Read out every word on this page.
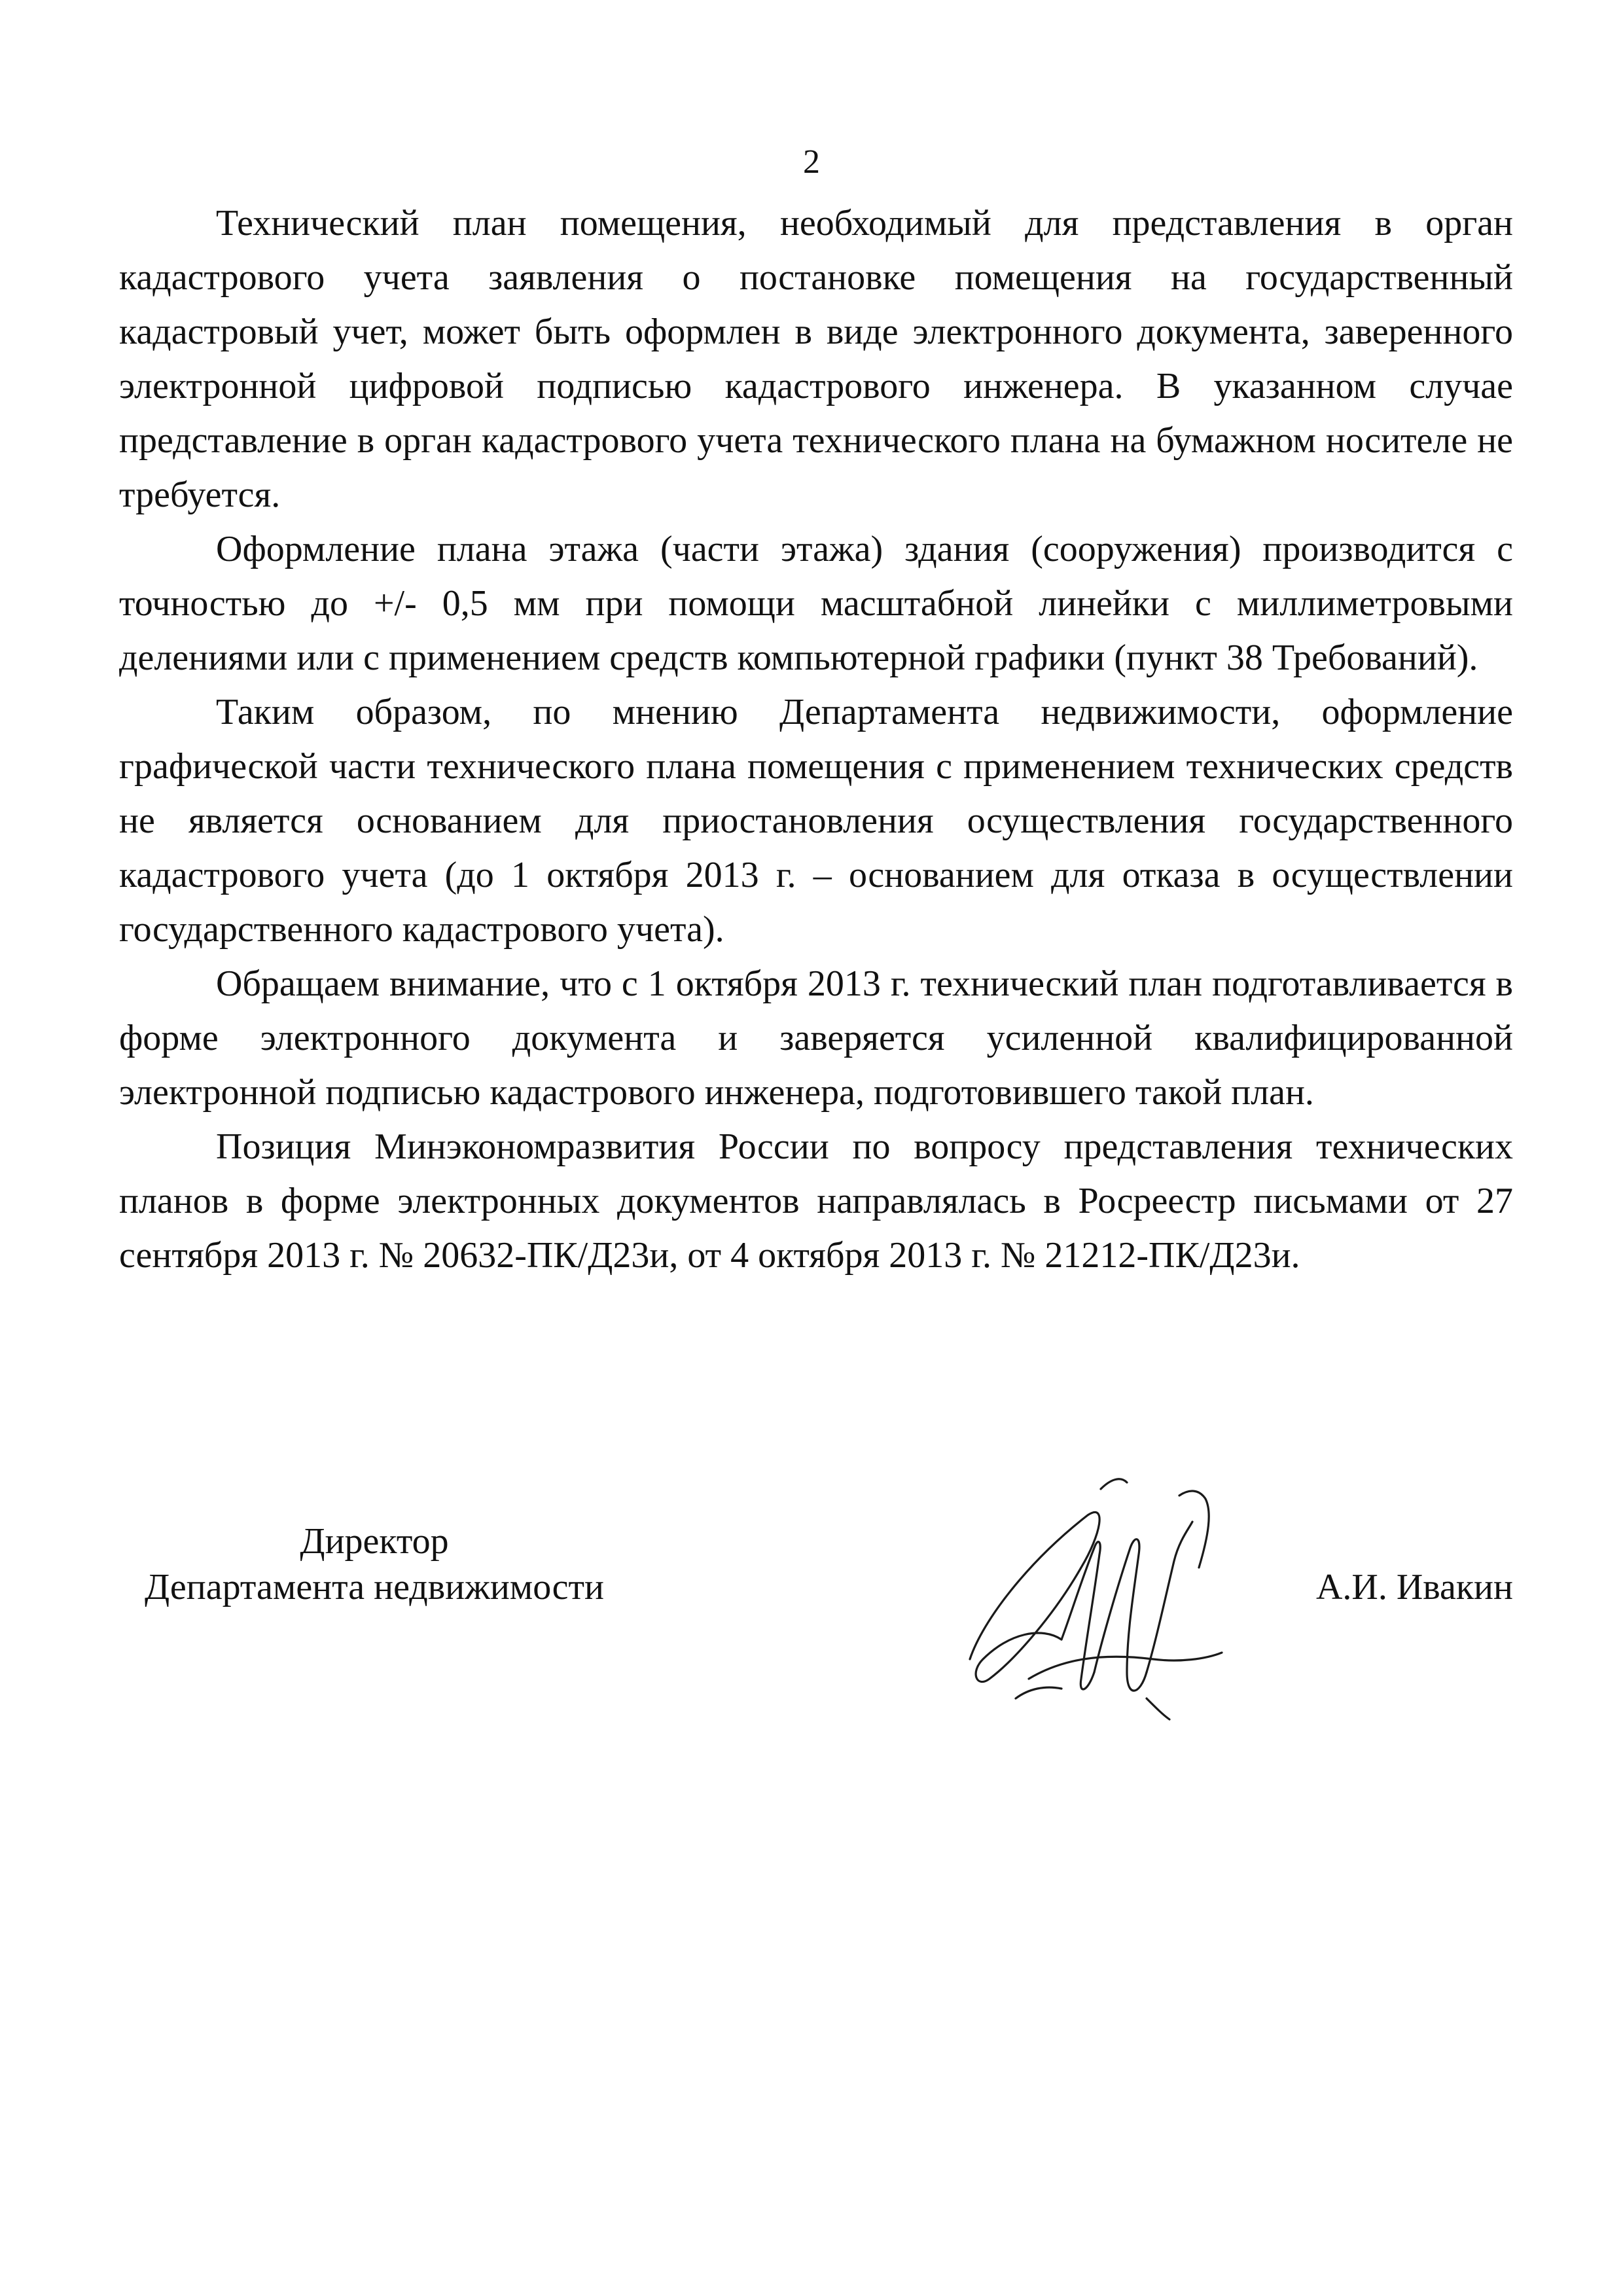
2

Технический план помещения, необходимый для представления в орган кадастрового учета заявления о постановке помещения на государственный кадастровый учет, может быть оформлен в виде электронного документа, заверенного электронной цифровой подписью кадастрового инженера. В указанном случае представление в орган кадастрового учета технического плана на бумажном носителе не требуется.

Оформление плана этажа (части этажа) здания (сооружения) производится с точностью до +/- 0,5 мм при помощи масштабной линейки с миллиметровыми делениями или с применением средств компьютерной графики (пункт 38 Требований).

Таким образом, по мнению Департамента недвижимости, оформление графической части технического плана помещения с применением технических средств не является основанием для приостановления осуществления государственного кадастрового учета (до 1 октября 2013 г. – основанием для отказа в осуществлении государственного кадастрового учета).

Обращаем внимание, что с 1 октября 2013 г. технический план подготавливается в форме электронного документа и заверяется усиленной квалифицированной электронной подписью кадастрового инженера, подготовившего такой план.

Позиция Минэкономразвития России по вопросу представления технических планов в форме электронных документов направлялась в Росреестр письмами от 27 сентября 2013 г. № 20632-ПК/Д23и, от 4 октября 2013 г. № 21212-ПК/Д23и.

Директор
Департамента недвижимости	А.И. Ивакин
